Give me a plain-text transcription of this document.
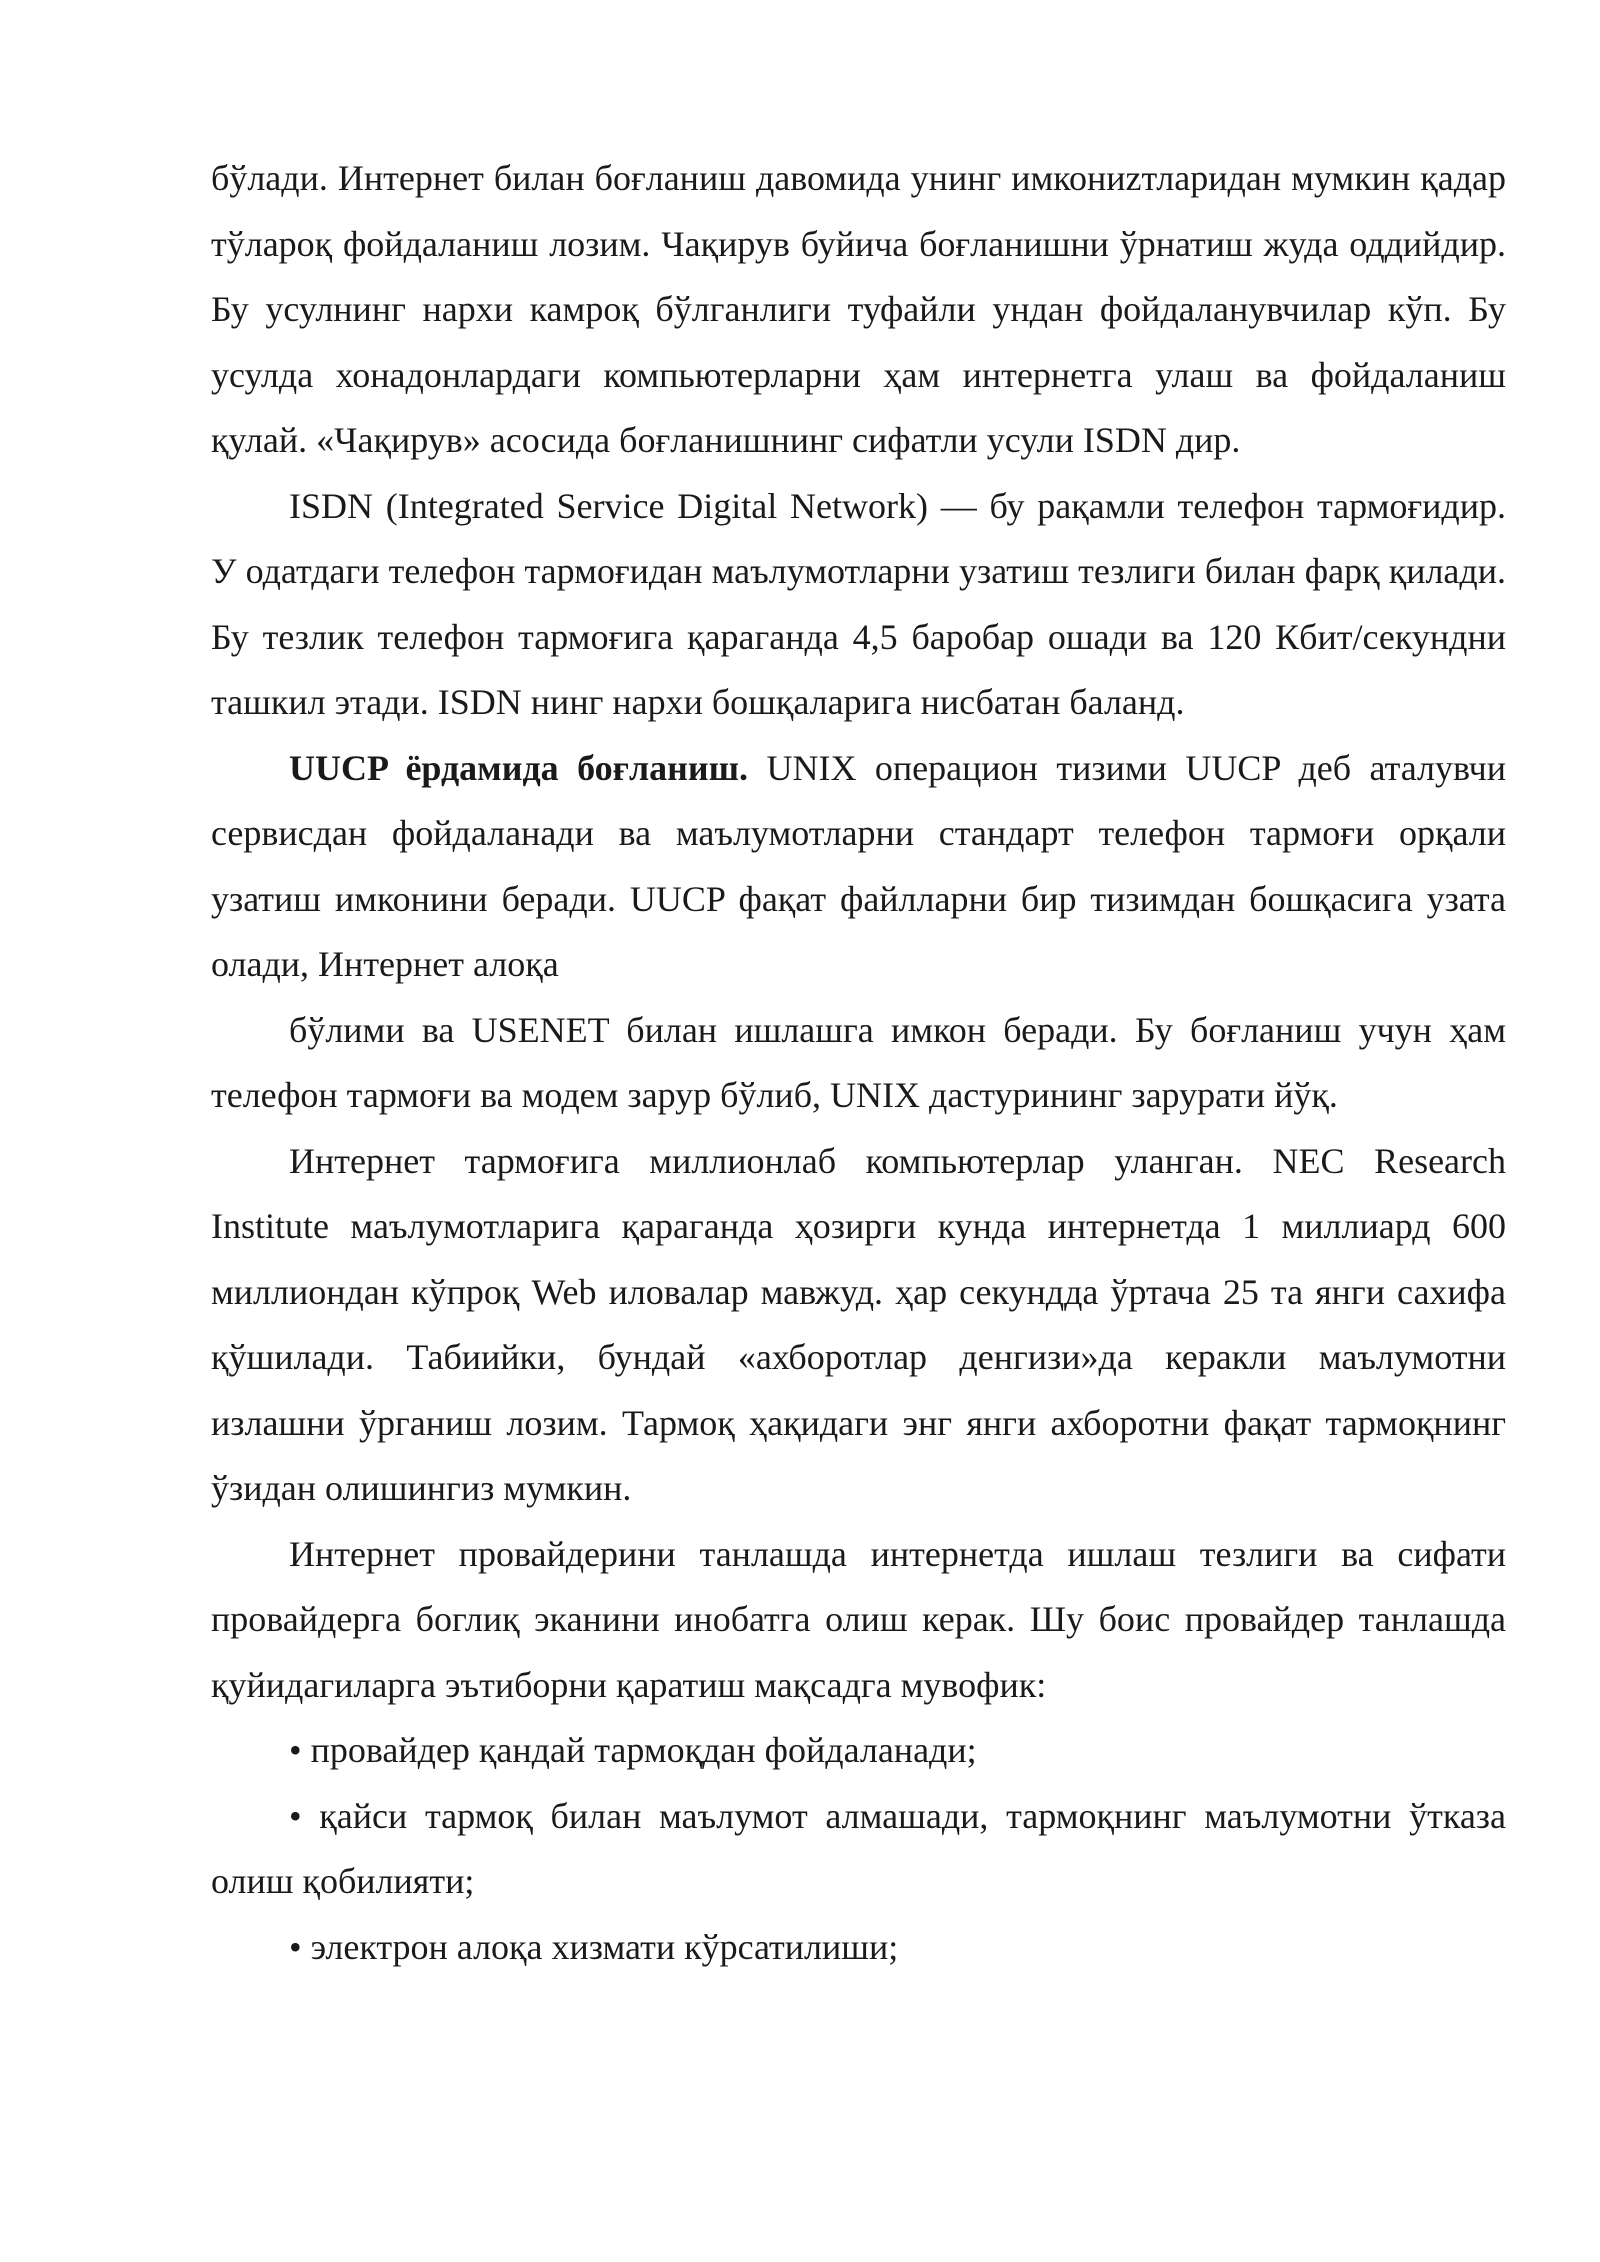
бўлади. Интернет билан боғланиш давомида унинг имкониzтларидан мумкин қадар тўлароқ фойдаланиш лозим. Чақирув буйича боғланишни ўрнатиш жуда оддийдир. Бу усулнинг нархи камроқ бўлганлиги туфайли ундан фойдаланувчилар кўп. Бу усулда хонадонлардаги компьютерларни ҳам интернетга улаш ва фойдаланиш қулай. «Чақирув» асосида боғланишнинг сифатли усули ISDN дир.

ISDN (Integrated Service Digital Network) — бу рақамли телефон тармоғидир. У одатдаги телефон тармоғидан маълумотларни узатиш тезлиги билан фарқ қилади. Бу тезлик телефон тармоғига қараганда 4,5 баробар ошади ва 120 Кбит/секундни ташкил этади. ISDN нинг нархи бошқаларига нисбатан баланд.

UUCP ёрдамида боғланиш. UNIX операцион тизими UUCP деб аталувчи сервисдан фойдаланади ва маълумотларни стандарт телефон тармоғи орқали узатиш имконини беради. UUCP фақат файлларни бир тизимдан бошқасига узата олади, Интернет алоқа

бўлими ва USENET билан ишлашга имкон беради. Бу боғланиш учун ҳам телефон тармоғи ва модем зарур бўлиб, UNIX дастурининг зарурати йўқ.

Интернет тармоғига миллионлаб компьютерлар уланган. NEC Research Institute маълумотларига қараганда ҳозирги кунда интернетда 1 миллиард 600 миллиондан кўпроқ Web иловалар мавжуд. ҳар секундда ўртача 25 та янги сахифа қўшилади. Табиийки, бундай «ахборотлар денгизи»да керакли маълумотни излашни ўрганиш лозим. Тармоқ ҳақидаги энг янги ахборотни фақат тармоқнинг ўзидан олишингиз мумкин.

Интернет провайдерини танлашда интернетда ишлаш тезлиги ва сифати провайдерга боглиқ эканини инобатга олиш керак. Шу боис провайдер танлашда қуйидагиларга эътиборни қаратиш мақсадга мувофик:

• провайдер қандай тармоқдан фойдаланади;

• қайси тармоқ билан маълумот алмашади, тармоқнинг маълумотни ўтказа олиш қобилияти;

• электрон алоқа хизмати кўрсатилиши;
